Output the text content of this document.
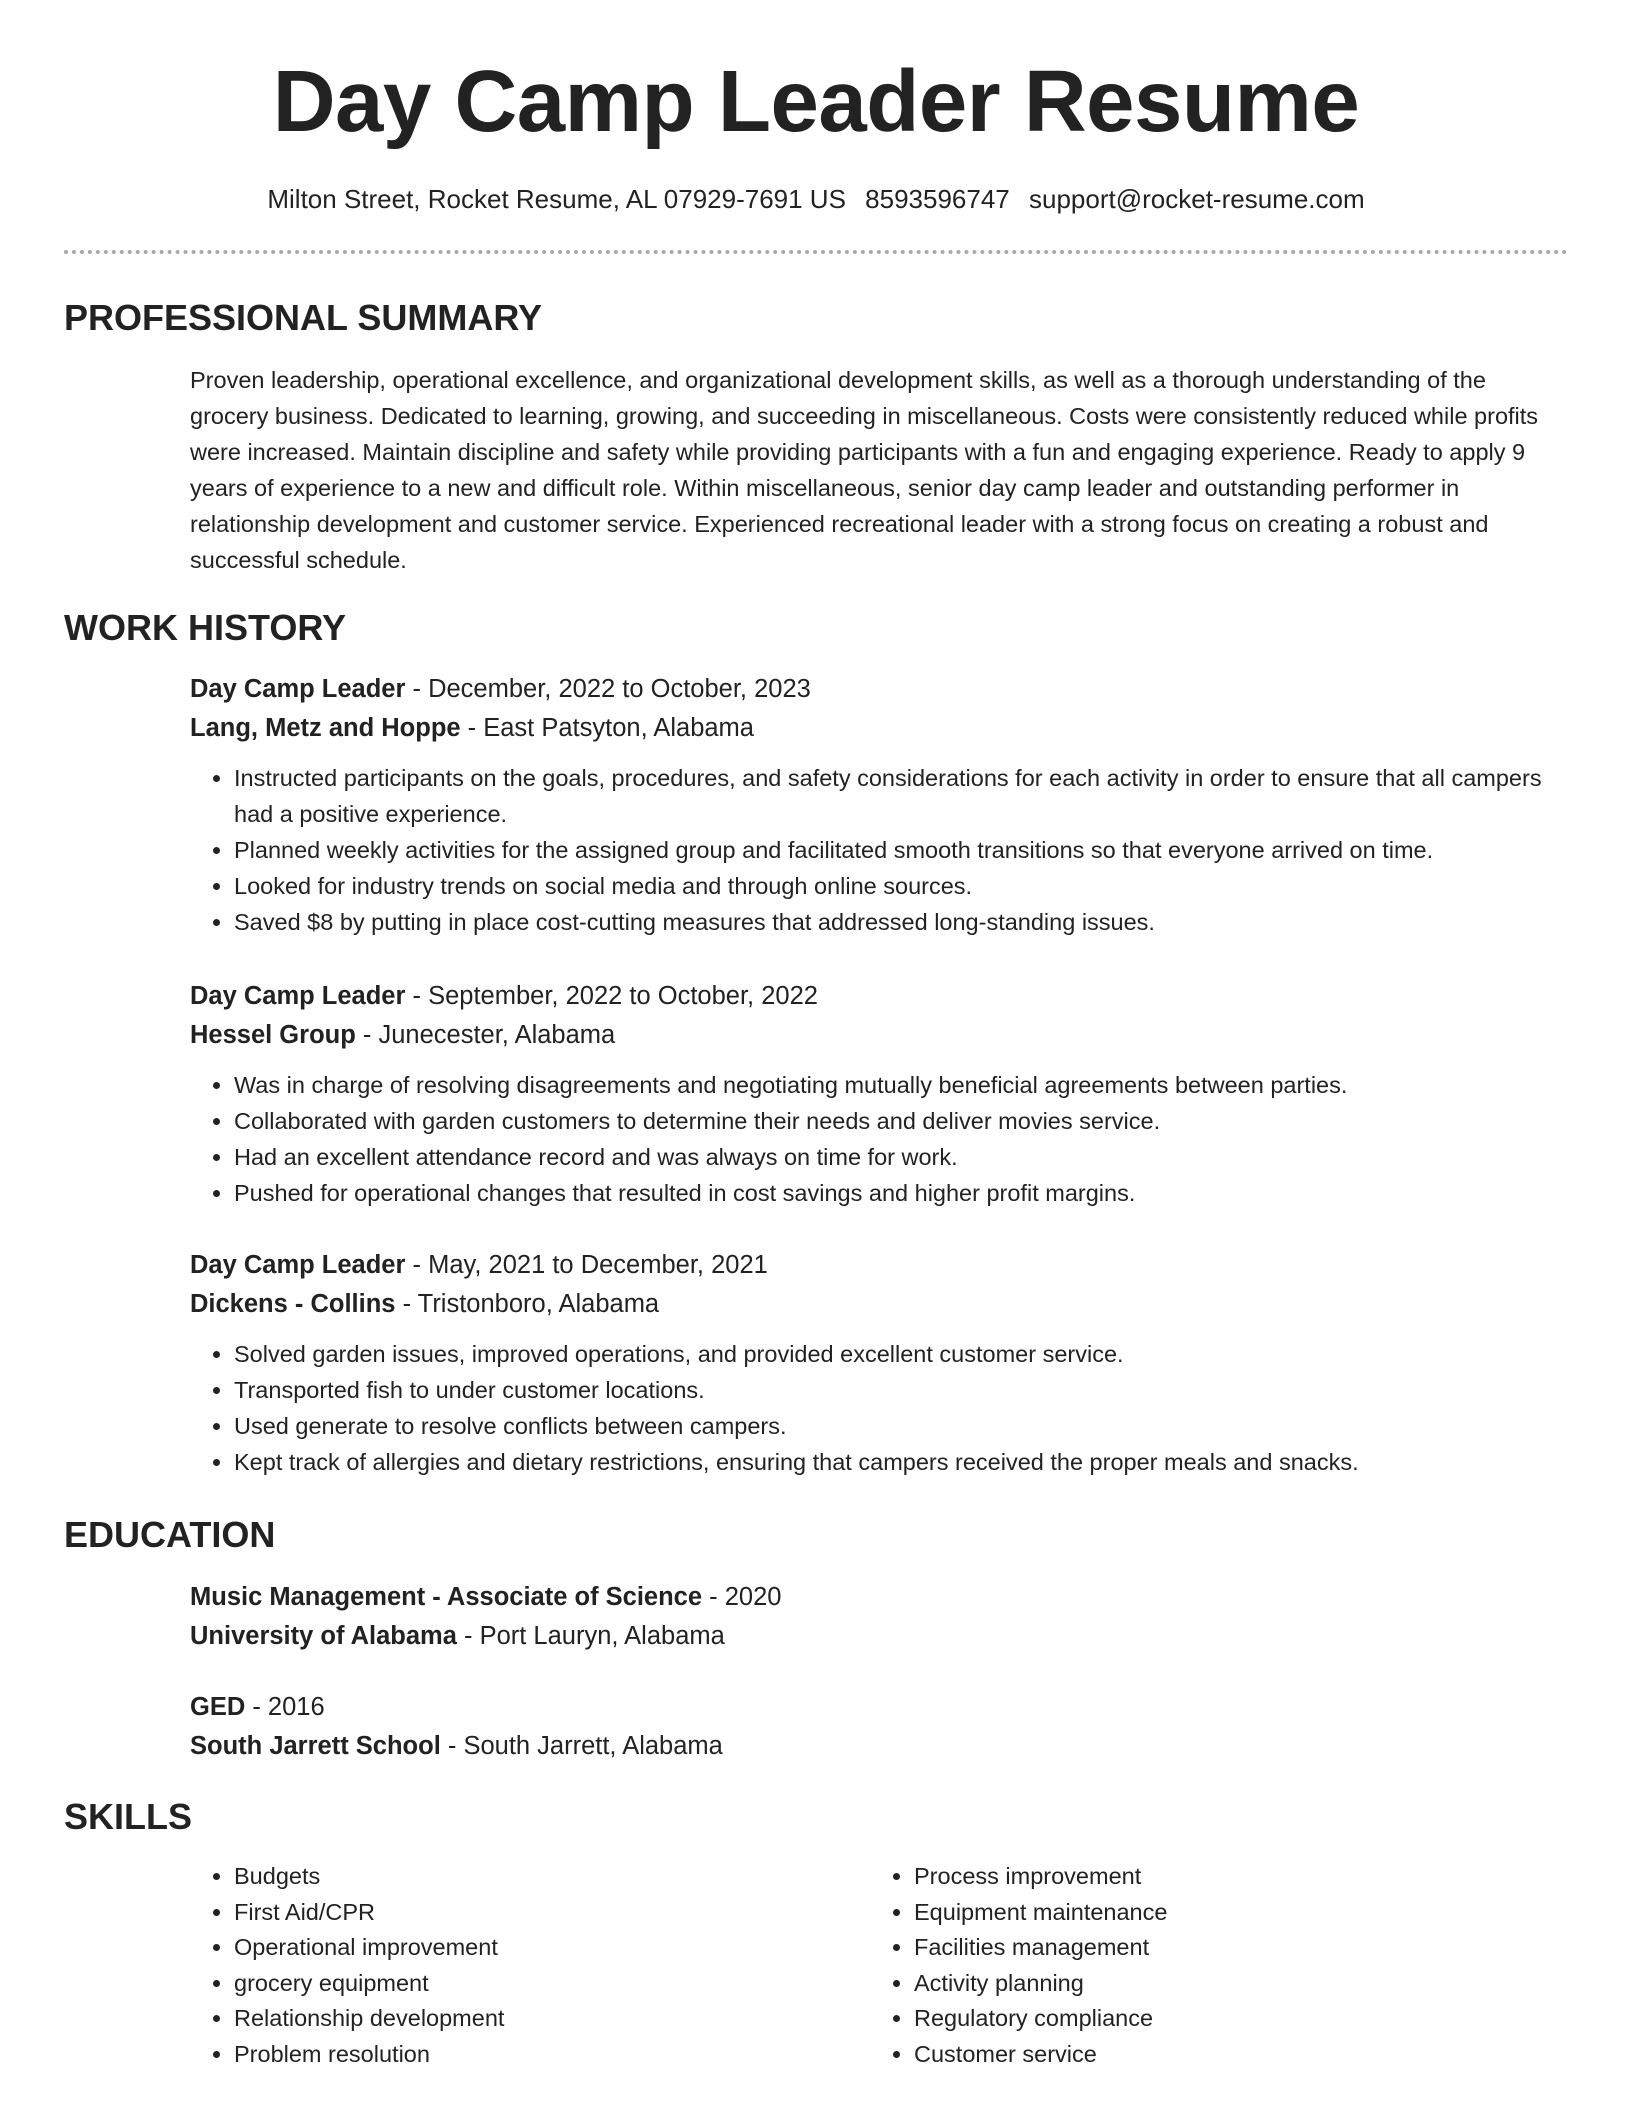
Day Camp Leader Resume
Milton Street, Rocket Resume, AL 07929-7691 US 8593596747 support@rocket-resume.com
PROFESSIONAL SUMMARY

Proven leadership, operational excellence, and organizational development skills, as well as a thorough understanding of the grocery business. Dedicated to learning, growing, and succeeding in miscellaneous. Costs were consistently reduced while profits were increased. Maintain discipline and safety while providing participants with a fun and engaging experience. Ready to apply 9 years of experience to a new and difficult role. Within miscellaneous, senior day camp leader and outstanding performer in relationship development and customer service. Experienced recreational leader with a strong focus on creating a robust and successful schedule.

WORK HISTORY
Day Camp Leader - December, 2022 to October, 2023
Lang, Metz and Hoppe - East Patsyton, Alabama
• Instructed participants on the goals, procedures, and safety considerations for each activity in order to ensure that all campers had a positive experience.
• Planned weekly activities for the assigned group and facilitated smooth transitions so that everyone arrived on time.
• Looked for industry trends on social media and through online sources.
• Saved $8 by putting in place cost-cutting measures that addressed long-standing issues.
Day Camp Leader - September, 2022 to October, 2022
Hessel Group - Junecester, Alabama
• Was in charge of resolving disagreements and negotiating mutually beneficial agreements between parties.
• Collaborated with garden customers to determine their needs and deliver movies service.
• Had an excellent attendance record and was always on time for work.
• Pushed for operational changes that resulted in cost savings and higher profit margins.
Day Camp Leader - May, 2021 to December, 2021
Dickens - Collins - Tristonboro, Alabama
• Solved garden issues, improved operations, and provided excellent customer service.
• Transported fish to under customer locations.
• Used generate to resolve conflicts between campers.
• Kept track of allergies and dietary restrictions, ensuring that campers received the proper meals and snacks.
EDUCATION
Music Management - Associate of Science - 2020
University of Alabama - Port Lauryn, Alabama
GED - 2016
South Jarrett School - South Jarrett, Alabama
SKILLS
• Budgets
• First Aid/CPR
• Operational improvement
• grocery equipment
• Relationship development
• Problem resolution
• Process improvement
• Equipment maintenance
• Facilities management
• Activity planning
• Regulatory compliance
• Customer service
